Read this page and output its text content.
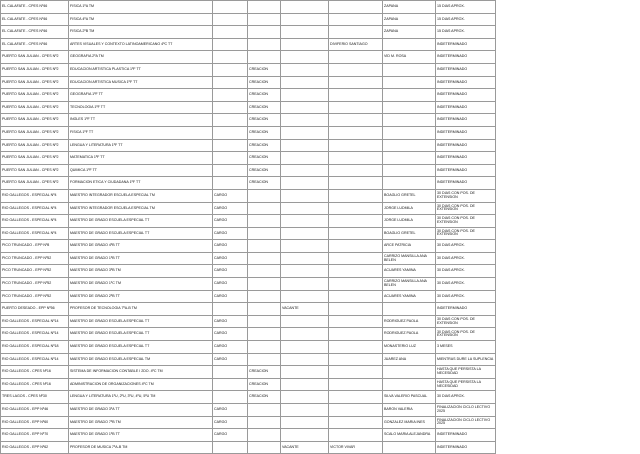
EL CALAFATE - CPES Nº46	FISICA 1ºA TM					ZAPANA	15 DIAS APROX.
EL CALAFATE - CPES Nº46	FISICA 4ºA TM					ZAPANA	15 DIAS APROX.
EL CALAFATE - CPES Nº46	FISICA 2ºB TM					ZAPANA	15 DIAS APROX.
EL CALAFATE - CPES Nº46	ARTES VISUALES Y CONTEXTO LATINOAMERICANO 4ºC TT				DIVIFERIO SANTIAGO		INDETERMINADO
PUERTO SAN JULIAN - CPES Nº2	GEOGRAFIA 2ºA TM					VID M. ROSA	INDETERMINADO
PUERTO SAN JULIAN - CPES Nº2	EDUCACION ARTISTICA PLASTICA 1ºF TT		CREACION				INDETERMINADO
PUERTO SAN JULIAN - CPES Nº2	EDUCACION ARTISTICA MUSICA 1ºF TT		CREACION				INDETERMINADO
PUERTO SAN JULIAN - CPES Nº2	GEOGRAFIA 1ºF TT		CREACION				INDETERMINADO
PUERTO SAN JULIAN - CPES Nº2	TECNOLOGIA 1ºF TT		CREACION				INDETERMINADO
PUERTO SAN JULIAN - CPES Nº2	INGLES 1ºF TT		CREACION				INDETERMINADO
PUERTO SAN JULIAN - CPES Nº2	FISICA 1ºF TT		CREACION				INDETERMINADO
PUERTO SAN JULIAN - CPES Nº2	LENGUA Y LITERATURA 1ºF TT		CREACION				INDETERMINADO
PUERTO SAN JULIAN - CPES Nº2	MATEMATICA 1ºF TT		CREACION				INDETERMINADO
PUERTO SAN JULIAN - CPES Nº2	QUIMICA 1ºF TT		CREACION				INDETERMINADO
PUERTO SAN JULIAN - CPES Nº2	FORMACION ETICA Y CIUDADANA 1ºF TT		CREACION				INDETERMINADO
RIO GALLEGOS - ESPECIAL Nº4	MAESTRO INTEGRADOR ESCUELA ESPECIAL TM	CARGO				BOAGLIO GRETEL	30 DIAS CON POS. DE EXTENSION
RIO GALLEGOS - ESPECIAL Nº4	MAESTRO INTEGRADOR ESCUELA ESPECIAL TM	CARGO				JORGE LUDMILA	30 DIAS CON POS. DE EXTENSION
RIO GALLEGOS - ESPECIAL Nº4	MAESTRO DE GRADO ESCUELA ESPECIAL TT	CARGO				JORGE LUDMILA	30 DIAS CON POS. DE EXTENSION
RIO GALLEGOS - ESPECIAL Nº4	MAESTRO DE GRADO ESCUELA ESPECIAL TT	CARGO				BOAGLIO GRETEL	30 DIAS CON POS. DE EXTENSION
PICO TRUNCADO - EPP Nº8	MAESTRO DE GRADO 4ºB TT	CARGO				ARCE PATRICIA	30 DIAS APROX.
PICO TRUNCADO - EPP Nº52	MAESTRO DE GRADO 1ºB TT	CARGO				CARRIZO MANSILLA ANA BELEN	30 DIAS APROX.
PICO TRUNCADO - EPP Nº52	MAESTRO DE GRADO 3ºB TM	CARGO				ACUARES YAMINA	30 DIAS APROX.
PICO TRUNCADO - EPP Nº52	MAESTRO DE GRADO 1ºC TM	CARGO				CARRIZO MANSILLA ANA BELEN	30 DIAS APROX.
PICO TRUNCADO - EPP Nº52	MAESTRO DE GRADO 2ºB TT	CARGO				ACUARES YAMINA	30 DIAS APROX.
PUERTO DESEADO - EPP Nº56	PROFESOR DE TECNOLOGIA 7ºA-B TM			VACANTE			INDETERMINADO
RIO GALLEGOS - ESPECIAL Nº14	MAESTRO DE GRADO ESCUELA ESPECIAL TT	CARGO				RODRIGUEZ PAOLA	30 DIAS CON POS. DE EXTENSION
RIO GALLEGOS - ESPECIAL Nº14	MAESTRO DE GRADO ESCUELA ESPECIAL TT	CARGO				RODRIGUEZ PAOLA	30 DIAS CON POS. DE EXTENSION
RIO GALLEGOS - ESPECIAL Nº18	MAESTRO DE GRADO ESCUELA ESPECIAL TT	CARGO				MONASTERIO LUZ	3 MESES
RIO GALLEGOS - ESPECIAL Nº14	MAESTRO DE GRADO ESCUELA ESPECIAL TM	CARGO				JUAREZ ANA	MIENTRAS DURE LA SUPLENCIA
RIO GALLEGOS - CPES Nº16	SISTEMA DE INFORMACION CONTABLE I 2DO. 4ºC TM		CREACION				HASTA QUE PERSISTA LA NECESIDAD
RIO GALLEGOS - CPES Nº16	ADMINISTRACION DE ORGANIZACIONES 4ºC TM		CREACION				HASTA QUE PERSISTA LA NECESIDAD
TRES LAGOS - CPES Nº30	LENGUA Y LITERATURA 1ºU, 2ºU, 3ºU, 4ºU, 5ºU TM		CREACION			SILVA VALERIO PASCUAL	30 DIAS APROX.
RIO GALLEGOS - EPP Nº46	MAESTRO DE GRADO 3ºA TT	CARGO				BARON VALERIA	FINALIZACION CICLO LECTIVO 2025
RIO GALLEGOS - EPP Nº60	MAESTRO DE GRADO 7ºB TM	CARGO				GONZALEZ MARIA INES	FINALIZACION CICLO LECTIVO 2025
RIO GALLEGOS - EPP Nº70	MAESTRO DE GRADO 1ºB TT	CARGO				SCALO MARIA ALEJANDRA	INDETERMINADO
RIO GALLEGOS - EPP Nº62	PROFESOR DE MUSICA 7ºA-B TM			VACANTE	VICTOR VIVAR		INDETERMINADO
